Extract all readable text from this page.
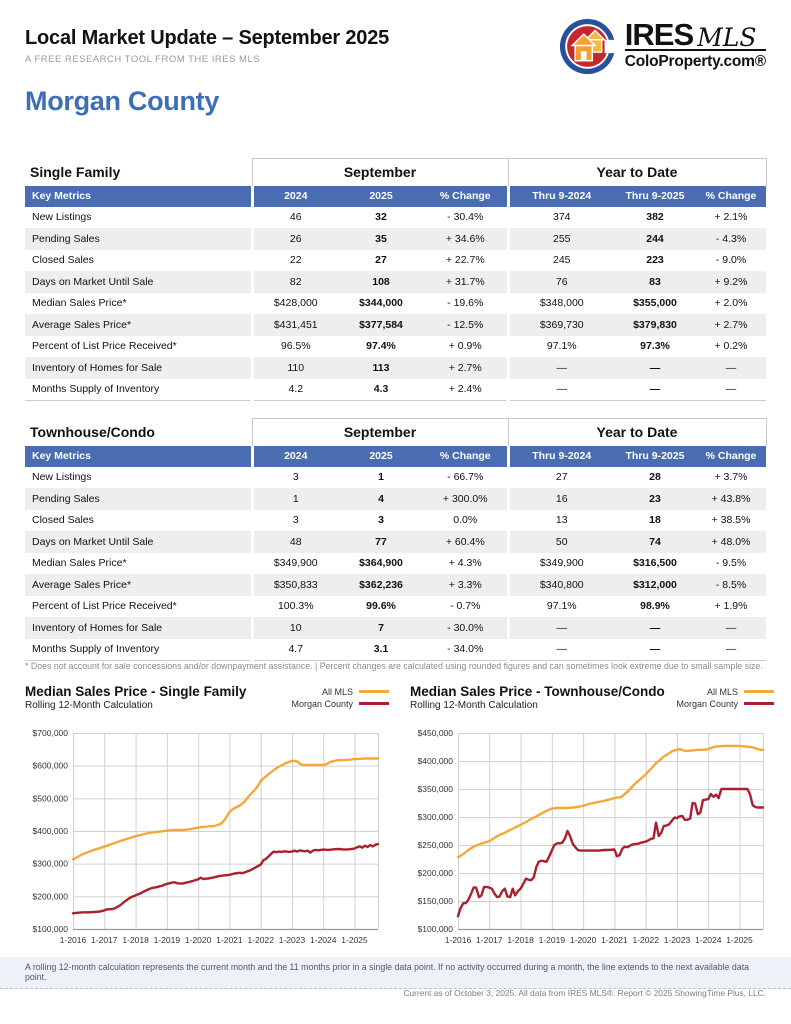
Local Market Update – September 2025
A FREE RESEARCH TOOL FROM THE IRES MLS
IRES MLS
ColoProperty.com®
Morgan County
Single Family	September			Year to Date		
Key Metrics	2024	2025	% Change	Thru 9-2024	Thru 9-2025	% Change
New Listings	46	32	- 30.4%	374	382	+ 2.1%
Pending Sales	26	35	+ 34.6%	255	244	- 4.3%
Closed Sales	22	27	+ 22.7%	245	223	- 9.0%
Days on Market Until Sale	82	108	+ 31.7%	76	83	+ 9.2%
Median Sales Price*	$428,000	$344,000	- 19.6%	$348,000	$355,000	+ 2.0%
Average Sales Price*	$431,451	$377,584	- 12.5%	$369,730	$379,830	+ 2.7%
Percent of List Price Received*	96.5%	97.4%	+ 0.9%	97.1%	97.3%	+ 0.2%
Inventory of Homes for Sale	110	113	+ 2.7%	—	—	—
Months Supply of Inventory	4.2	4.3	+ 2.4%	—	—	—
Townhouse/Condo	September			Year to Date		
Key Metrics	2024	2025	% Change	Thru 9-2024	Thru 9-2025	% Change
New Listings	3	1	- 66.7%	27	28	+ 3.7%
Pending Sales	1	4	+ 300.0%	16	23	+ 43.8%
Closed Sales	3	3	0.0%	13	18	+ 38.5%
Days on Market Until Sale	48	77	+ 60.4%	50	74	+ 48.0%
Median Sales Price*	$349,900	$364,900	+ 4.3%	$349,900	$316,500	- 9.5%
Average Sales Price*	$350,833	$362,236	+ 3.3%	$340,800	$312,000	- 8.5%
Percent of List Price Received*	100.3%	99.6%	- 0.7%	97.1%	98.9%	+ 1.9%
Inventory of Homes for Sale	10	7	- 30.0%	—	—	—
Months Supply of Inventory	4.7	3.1	- 34.0%	—	—	—
* Does not account for sale concessions and/or downpayment assistance. | Percent changes are calculated using rounded figures and can sometimes look extreme due to small sample size.
Median Sales Price - Single Family
Rolling 12-Month Calculation
All MLS
Morgan County
$700,000
$600,000
$500,000
$400,000
$300,000
$200,000
$100,000
1-2016 1-2017 1-2018 1-2019 1-2020 1-2021 1-2022 1-2023 1-2024 1-2025
Median Sales Price - Townhouse/Condo
Rolling 12-Month Calculation
All MLS
Morgan County
$450,000
$400,000
$350,000
$300,000
$250,000
$200,000
$150,000
$100,000
1-2016 1-2017 1-2018 1-2019 1-2020 1-2021 1-2022 1-2023 1-2024 1-2025
A rolling 12-month calculation represents the current month and the 11 months prior in a single data point. If no activity occurred during a month, the line extends to the next available data point.
Current as of October 3, 2025. All data from IRES MLS®. Report © 2025 ShowingTime Plus, LLC.
